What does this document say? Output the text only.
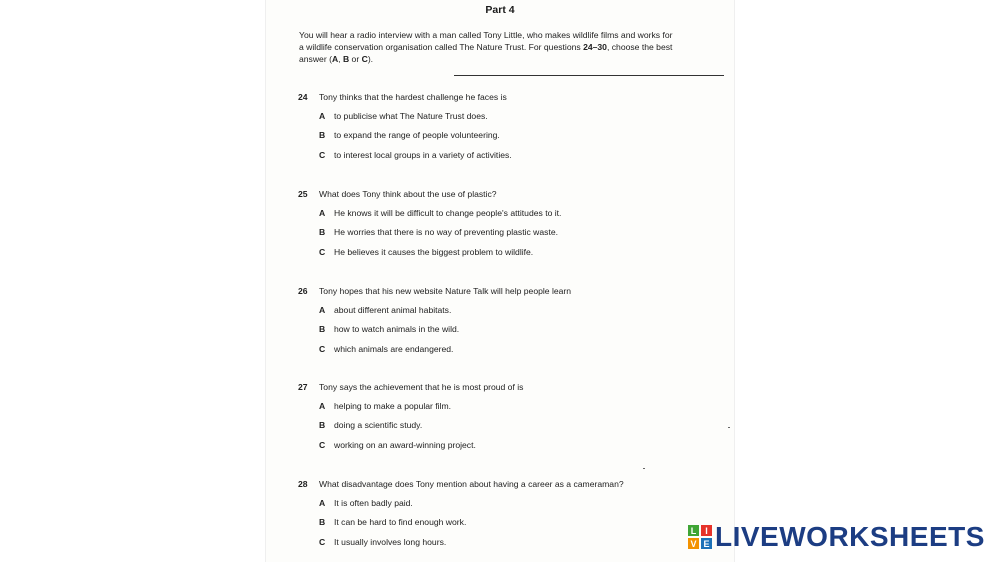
Part 4
You will hear a radio interview with a man called Tony Little, who makes wildlife films and works for
a wildlife conservation organisation called The Nature Trust. For questions 24–30, choose the best
answer (A, B or C).
24	Tony thinks that the hardest challenge he faces is
A to publicise what The Nature Trust does.
B to expand the range of people volunteering.
C to interest local groups in a variety of activities.
25	What does Tony think about the use of plastic?
A He knows it will be difficult to change people's attitudes to it.
B He worries that there is no way of preventing plastic waste.
C He believes it causes the biggest problem to wildlife.
26	Tony hopes that his new website Nature Talk will help people learn
A about different animal habitats.
B how to watch animals in the wild.
C which animals are endangered.
27	Tony says the achievement that he is most proud of is
A helping to make a popular film.
B doing a scientific study.
C working on an award-winning project.
28	What disadvantage does Tony mention about having a career as a cameraman?
A It is often badly paid.
B It can be hard to find enough work.
C It usually involves long hours.
L I
V E LIVEWORKSHEETS
